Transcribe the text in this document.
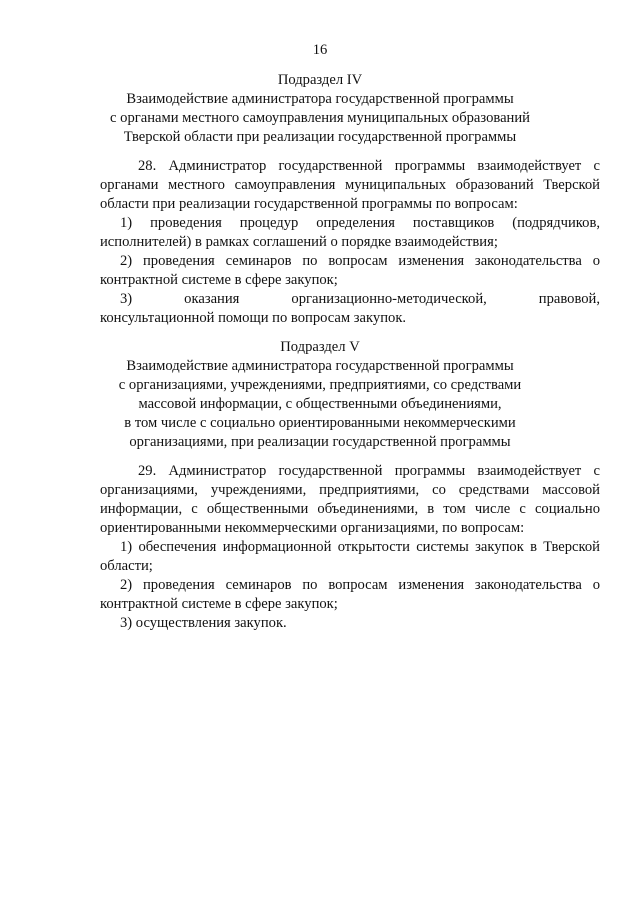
16
Подраздел IV
Взаимодействие администратора государственной программы
с органами местного самоуправления муниципальных образований
Тверской области при реализации государственной программы
28. Администратор государственной программы взаимодействует с
органами местного самоуправления муниципальных образований Тверской
области при реализации государственной программы по вопросам:
1) проведения процедур определения поставщиков (подрядчиков,
исполнителей) в рамках соглашений о порядке взаимодействия;
2) проведения семинаров по вопросам изменения законодательства о
контрактной системе в сфере закупок;
3)	оказания	организационно-методической,	правовой,
консультационной помощи по вопросам закупок.
Подраздел V
Взаимодействие администратора государственной программы
с организациями, учреждениями, предприятиями, со средствами
массовой информации, с общественными объединениями,
в том числе с социально ориентированными некоммерческими
организациями, при реализации государственной программы
29. Администратор государственной программы взаимодействует с
организациями, учреждениями, предприятиями, со средствами массовой
информации, с общественными объединениями, в том числе с социально
ориентированными некоммерческими организациями, по вопросам:
1) обеспечения информационной открытости системы закупок в Тверской
области;
2) проведения семинаров по вопросам изменения законодательства о
контрактной системе в сфере закупок;
3) осуществления закупок.
